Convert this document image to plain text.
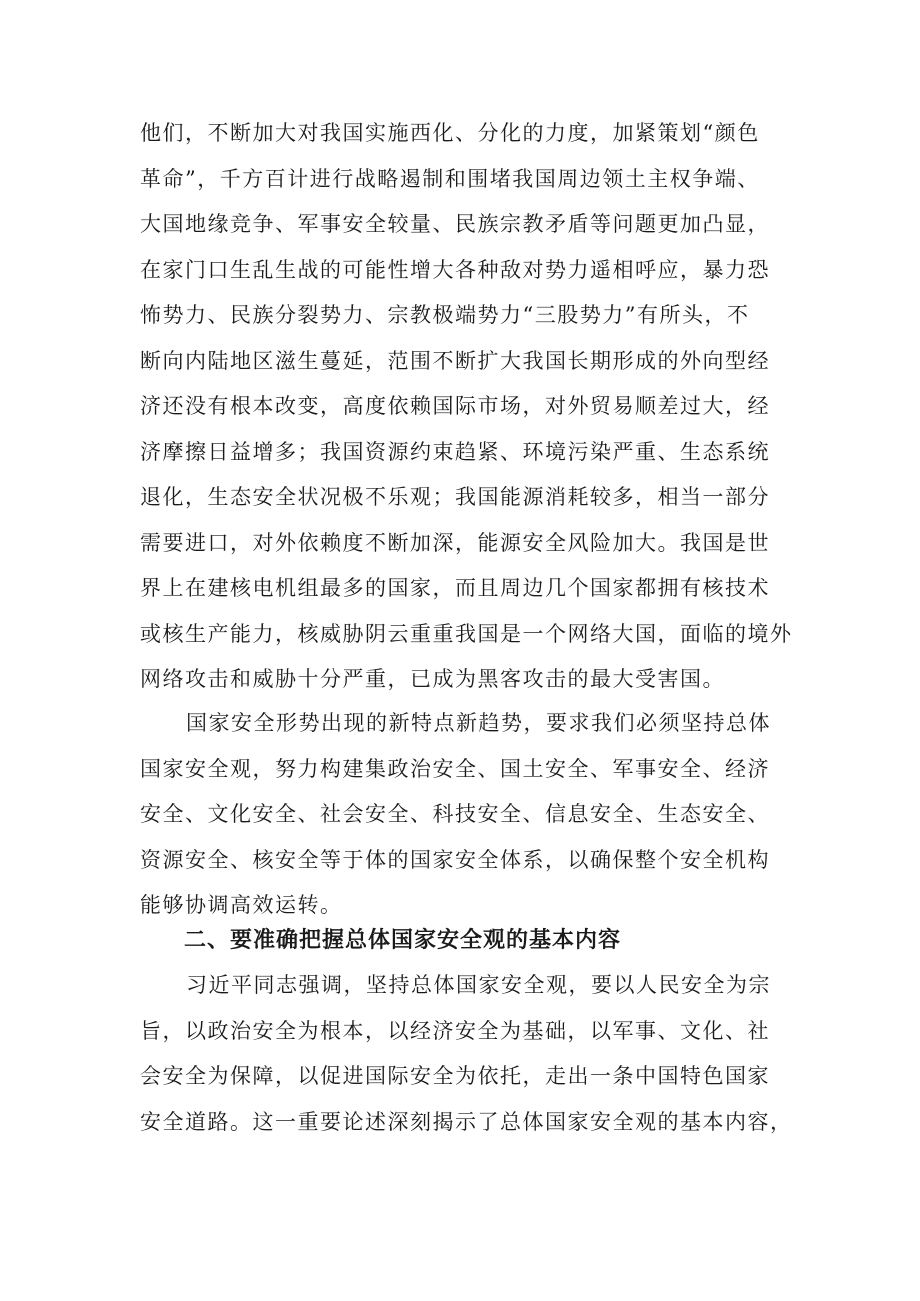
他们，不断加大对我国实施西化、分化的力度，加紧策划“颜色
革命”，千方百计进行战略遏制和围堵我国周边领土主权争端、
大国地缘竞争、军事安全较量、民族宗教矛盾等问题更加凸显，
在家门口生乱生战的可能性增大各种敌对势力遥相呼应，暴力恐
怖势力、民族分裂势力、宗教极端势力“三股势力”有所头，不
断向内陆地区滋生蔓延，范围不断扩大我国长期形成的外向型经
济还没有根本改变，高度依赖国际市场，对外贸易顺差过大，经
济摩擦日益增多；我国资源约束趋紧、环境污染严重、生态系统
退化，生态安全状况极不乐观；我国能源消耗较多，相当一部分
需要进口，对外依赖度不断加深，能源安全风险加大。我国是世
界上在建核电机组最多的国家，而且周边几个国家都拥有核技术
或核生产能力，核威胁阴云重重我国是一个网络大国，面临的境外
网络攻击和威胁十分严重，已成为黑客攻击的最大受害国。
国家安全形势出现的新特点新趋势，要求我们必须坚持总体
国家安全观，努力构建集政治安全、国土安全、军事安全、经济
安全、文化安全、社会安全、科技安全、信息安全、生态安全、
资源安全、核安全等于体的国家安全体系，以确保整个安全机构
能够协调高效运转。
二、要准确把握总体国家安全观的基本内容
习近平同志强调，坚持总体国家安全观，要以人民安全为宗
旨，以政治安全为根本，以经济安全为基础，以军事、文化、社
会安全为保障，以促进国际安全为依托，走出一条中国特色国家
安全道路。这一重要论述深刻揭示了总体国家安全观的基本内容，
